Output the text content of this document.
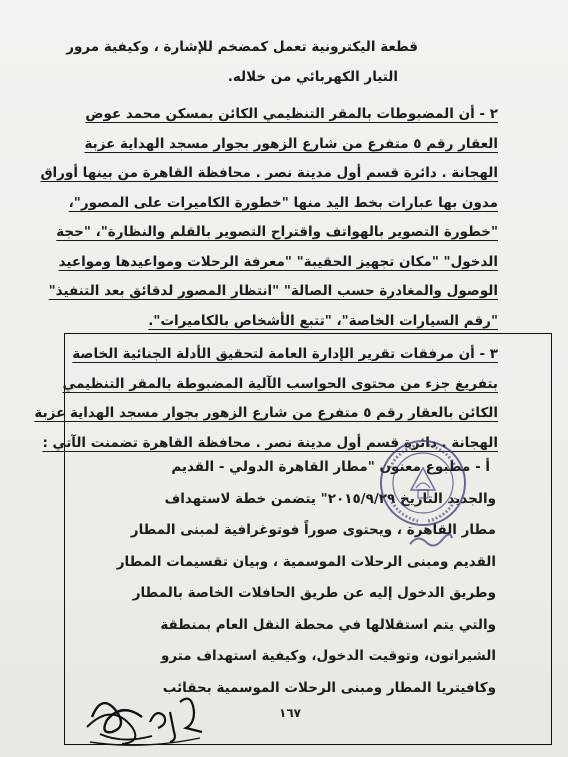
قطعة اليكترونية تعمل كمضخم للإشارة ، وكيفية مرور
التيار الكهربائي من خلاله.
٢ - أن المضبوطات بالمقر التنظيمي الكائن بمسكن محمد عوض
العقار رقم ٥ متفرع من شارع الزهور بجوار مسجد الهداية عزبة
الهجانة . دائرة قسم أول مدينة نصر . محافظة القاهرة من بينها أوراق
مدون بها عبارات بخط اليد منها "خطورة الكاميرات على المصور"،
"خطورة التصوير بالهواتف واقتراح التصوير بالقلم والنظارة"، "حجة
الدخول" "مكان تجهيز الحقيبة" "معرفة الرحلات ومواعيدها ومواعيد
الوصول والمغادرة حسب الصالة" "انتظار المصور لدقائق بعد التنفيذ"
"رقم السيارات الخاصة"، "تتبع الأشخاص بالكاميرات".
٣ - أن مرفقات تقرير الإدارة العامة لتحقيق الأدلة الجنائية الخاصة
بتفريغ جزء من محتوى الحواسب الآلية المضبوطة بالمقر التنظيمي
الكائن بالعقار رقم ٥ متفرع من شارع الزهور بجوار مسجد الهداية عزبة
الهجانة . دائرة قسم أول مدينة نصر . محافظة القاهرة تضمنت الآتي :
أ - مطبوع معنون "مطار القاهرة الدولي - القديم
والجديد التاريخ ٢٠١٥/٩/٢٩" يتضمن خطة لاستهداف
مطار القاهرة ، ويحتوى صوراً فوتوغرافية لمبنى المطار
القديم ومبنى الرحلات الموسمية ، وبيان تقسيمات المطار
وطريق الدخول إليه عن طريق الحافلات الخاصة بالمطار
والتي يتم استقلالها في محطة النقل العام بمنطقة
الشيراتون، وتوقيت الدخول، وكيفية استهداف مترو
وكافيتريا المطار ومبنى الرحلات الموسمية بحقائب
١٦٧
